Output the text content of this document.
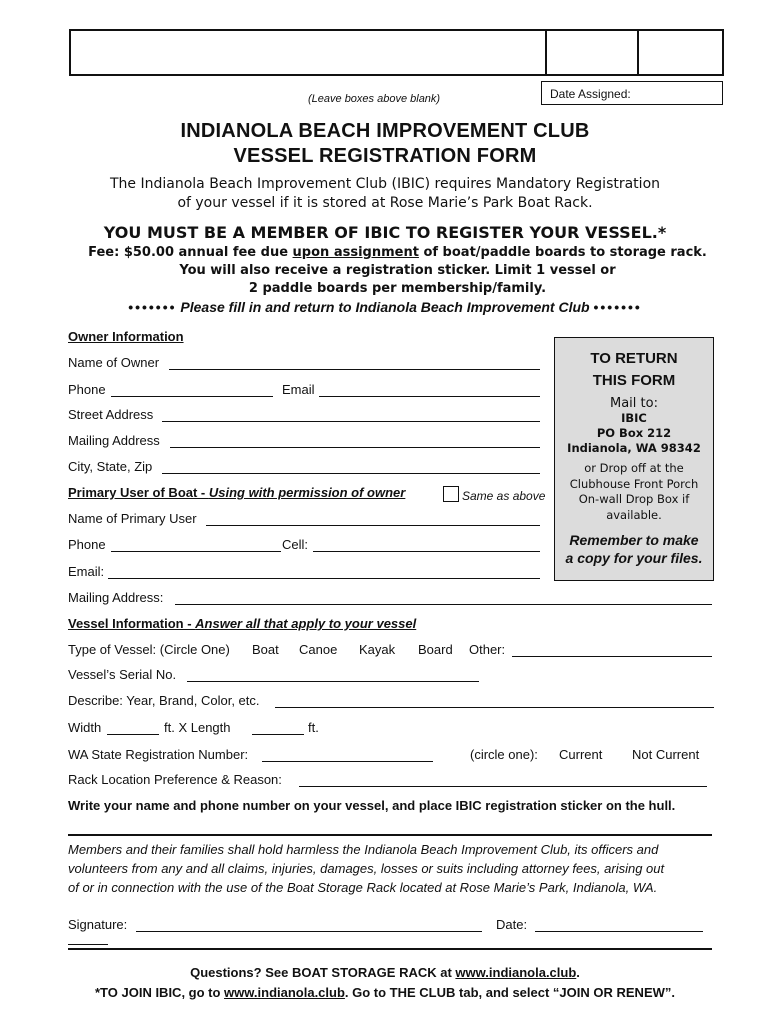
(Leave boxes above blank)	Date Assigned:
INDIANOLA BEACH IMPROVEMENT CLUB
VESSEL REGISTRATION FORM
The Indianola Beach Improvement Club (IBIC) requires Mandatory Registration
of your vessel if it is stored at Rose Marie’s Park Boat Rack.
YOU MUST BE A MEMBER OF IBIC TO REGISTER YOUR VESSEL.*
Fee: $50.00 annual fee due upon assignment of boat/paddle boards to storage rack.
You will also receive a registration sticker. Limit 1 vessel or
2 paddle boards per membership/family.
••••••• Please fill in and return to Indianola Beach Improvement Club •••••••
Owner Information
Name of Owner
Phone	Email
Street Address
Mailing Address
City, State, Zip
Primary User of Boat - Using with permission of owner	Same as above
Name of Primary User
Phone	Cell:
Email:
Mailing Address:
TO RETURN
THIS FORM
Mail to:
IBIC
PO Box 212
Indianola, WA 98342
or Drop off at the
Clubhouse Front Porch
On-wall Drop Box if
available.
Remember to make
a copy for your files.
Vessel Information - Answer all that apply to your vessel
Type of Vessel: (Circle One) Boat Canoe Kayak Board Other:
Vessel’s Serial No.
Describe: Year, Brand, Color, etc.
Width	ft. X Length	ft.
WA State Registration Number:	(circle one): Current Not Current
Rack Location Preference & Reason:
Write your name and phone number on your vessel, and place IBIC registration sticker on the hull.
Members and their families shall hold harmless the Indianola Beach Improvement Club, its officers and
volunteers from any and all claims, injuries, damages, losses or suits including attorney fees, arising out
of or in connection with the use of the Boat Storage Rack located at Rose Marie’s Park, Indianola, WA.
Signature:	Date:
Questions? See BOAT STORAGE RACK at www.indianola.club.
*TO JOIN IBIC, go to www.indianola.club. Go to THE CLUB tab, and select “JOIN OR RENEW”.
